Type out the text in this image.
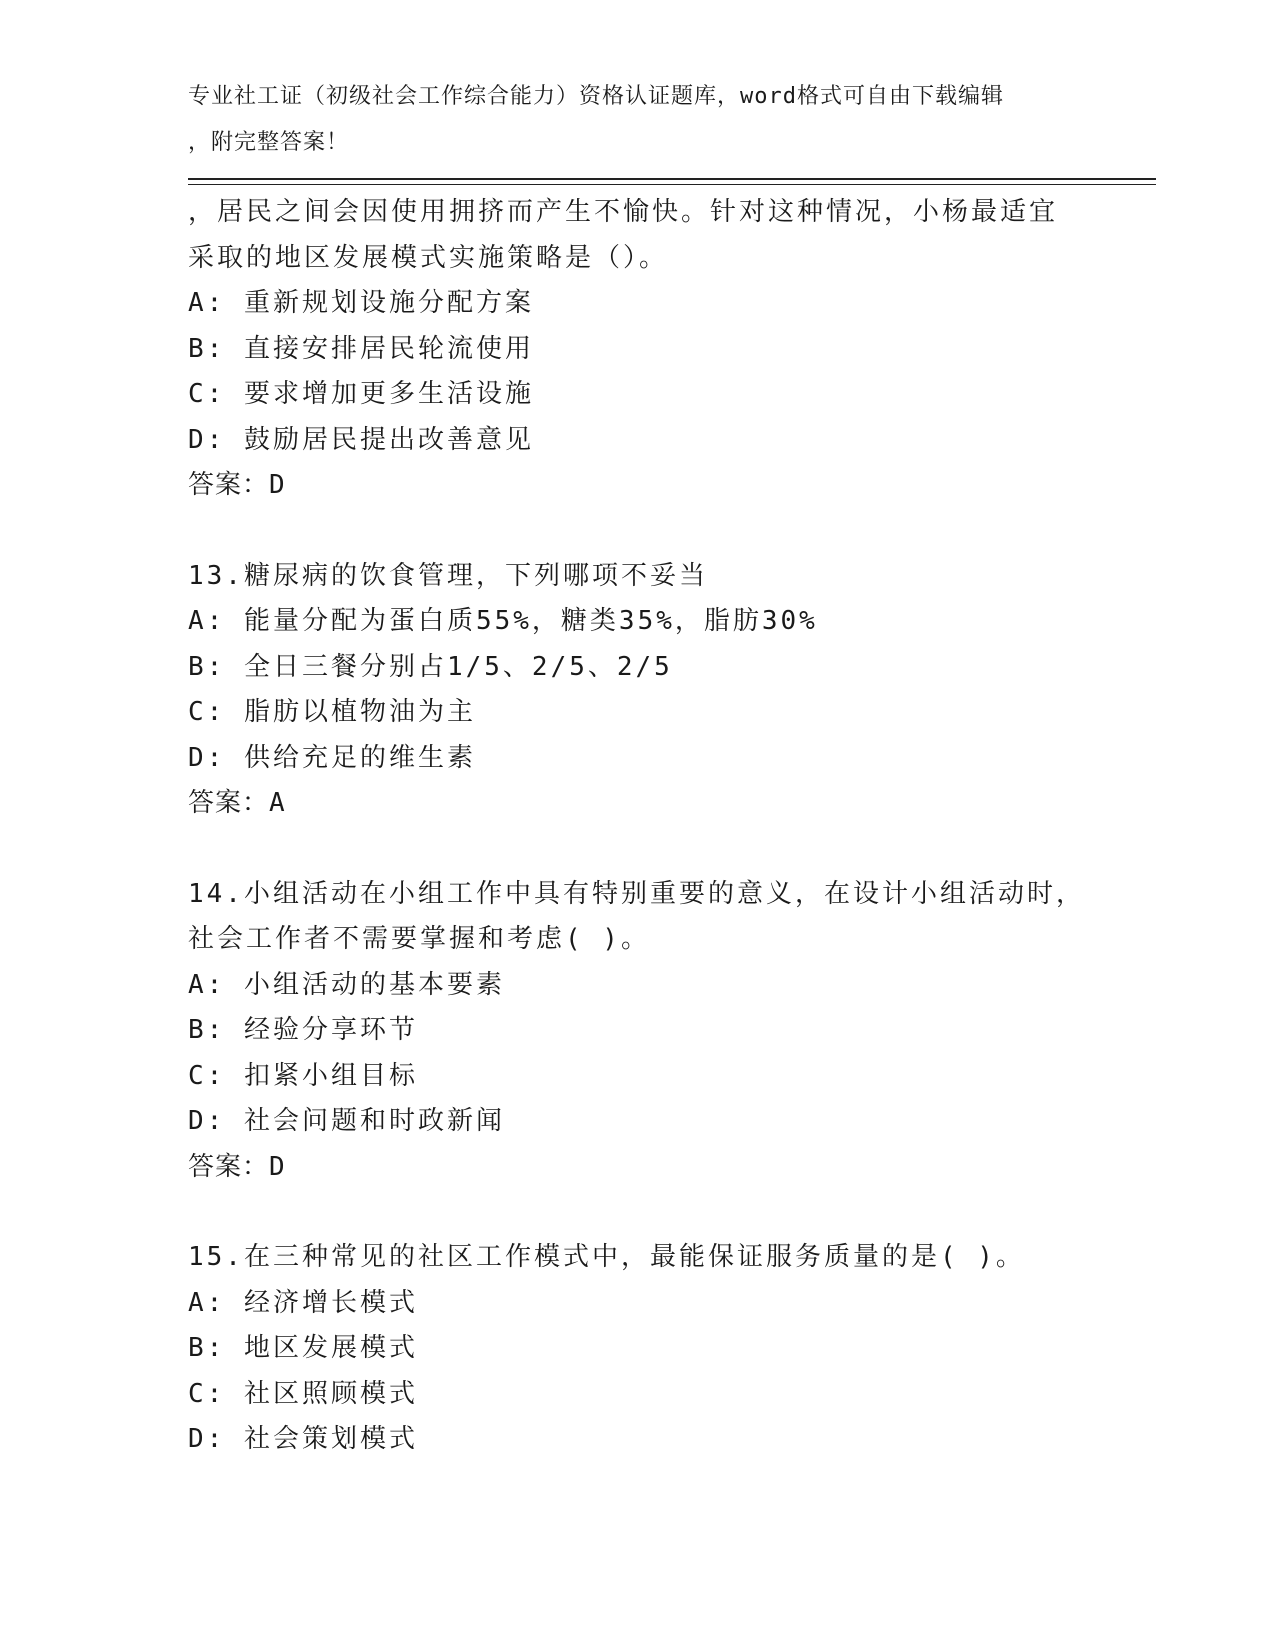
专业社工证（初级社会工作综合能力）资格认证题库，word格式可自由下载编辑
，附完整答案！
，居民之间会因使用拥挤而产生不愉快。针对这种情况，小杨最适宜
采取的地区发展模式实施策略是（）。
A: 重新规划设施分配方案
B: 直接安排居民轮流使用
C: 要求增加更多生活设施
D: 鼓励居民提出改善意见
答案：D
13.糖尿病的饮食管理，下列哪项不妥当
A: 能量分配为蛋白质55%，糖类35%，脂肪30%
B: 全日三餐分别占1/5、2/5、2/5
C: 脂肪以植物油为主
D: 供给充足的维生素
答案：A
14.小组活动在小组工作中具有特别重要的意义，在设计小组活动时，
社会工作者不需要掌握和考虑( )。
A: 小组活动的基本要素
B: 经验分享环节
C: 扣紧小组目标
D: 社会问题和时政新闻
答案：D
15.在三种常见的社区工作模式中，最能保证服务质量的是( )。
A: 经济增长模式
B: 地区发展模式
C: 社区照顾模式
D: 社会策划模式
